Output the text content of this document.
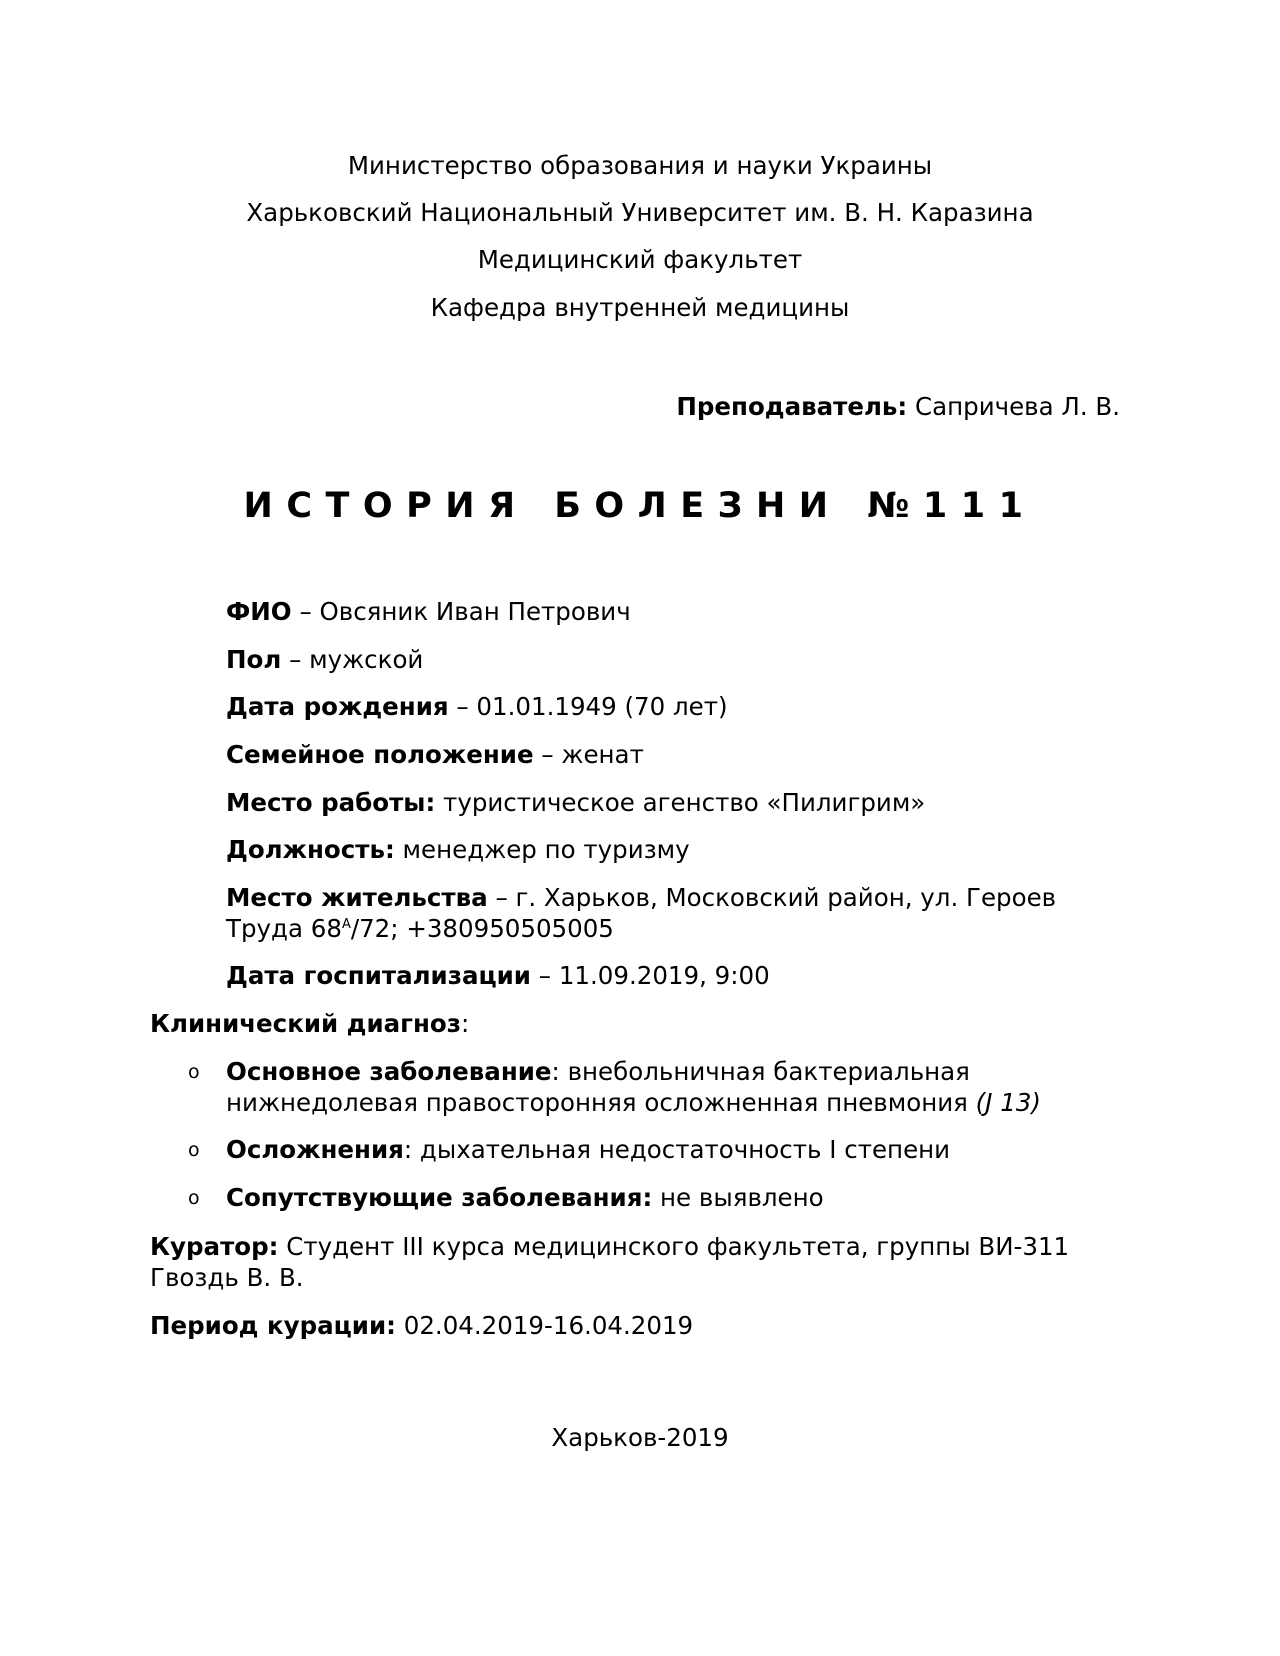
Министерство образования и науки Украины
Харьковский Национальный Университет им. В. Н. Каразина
Медицинский факультет
Кафедра внутренней медицины
Преподаватель: Сапричева Л. В.
ИСТОРИЯ БОЛЕЗНИ №111
ФИО – Овсяник Иван Петрович
Пол – мужской
Дата рождения – 01.01.1949 (70 лет)
Семейное положение – женат
Место работы: туристическое агенство «Пилигрим»
Должность: менеджер по туризму
Место жительства – г. Харьков, Московский район, ул. Героев Труда $68^А/72$; +380950505005
Дата госпитализации – 11.09.2019, 9:00
Клинический диагноз:
o Основное заболевание: внебольничная бактериальная нижнедолевая правосторонняя осложненная пневмония (J 13)
o Осложнения: дыхательная недостаточность I степени
o Сопутствующие заболевания: не выявлено
Куратор: Студент III курса медицинского факультета, группы ВИ-311 Гвоздь В. В.
Период курации: 02.04.2019-16.04.2019
Харьков-2019
